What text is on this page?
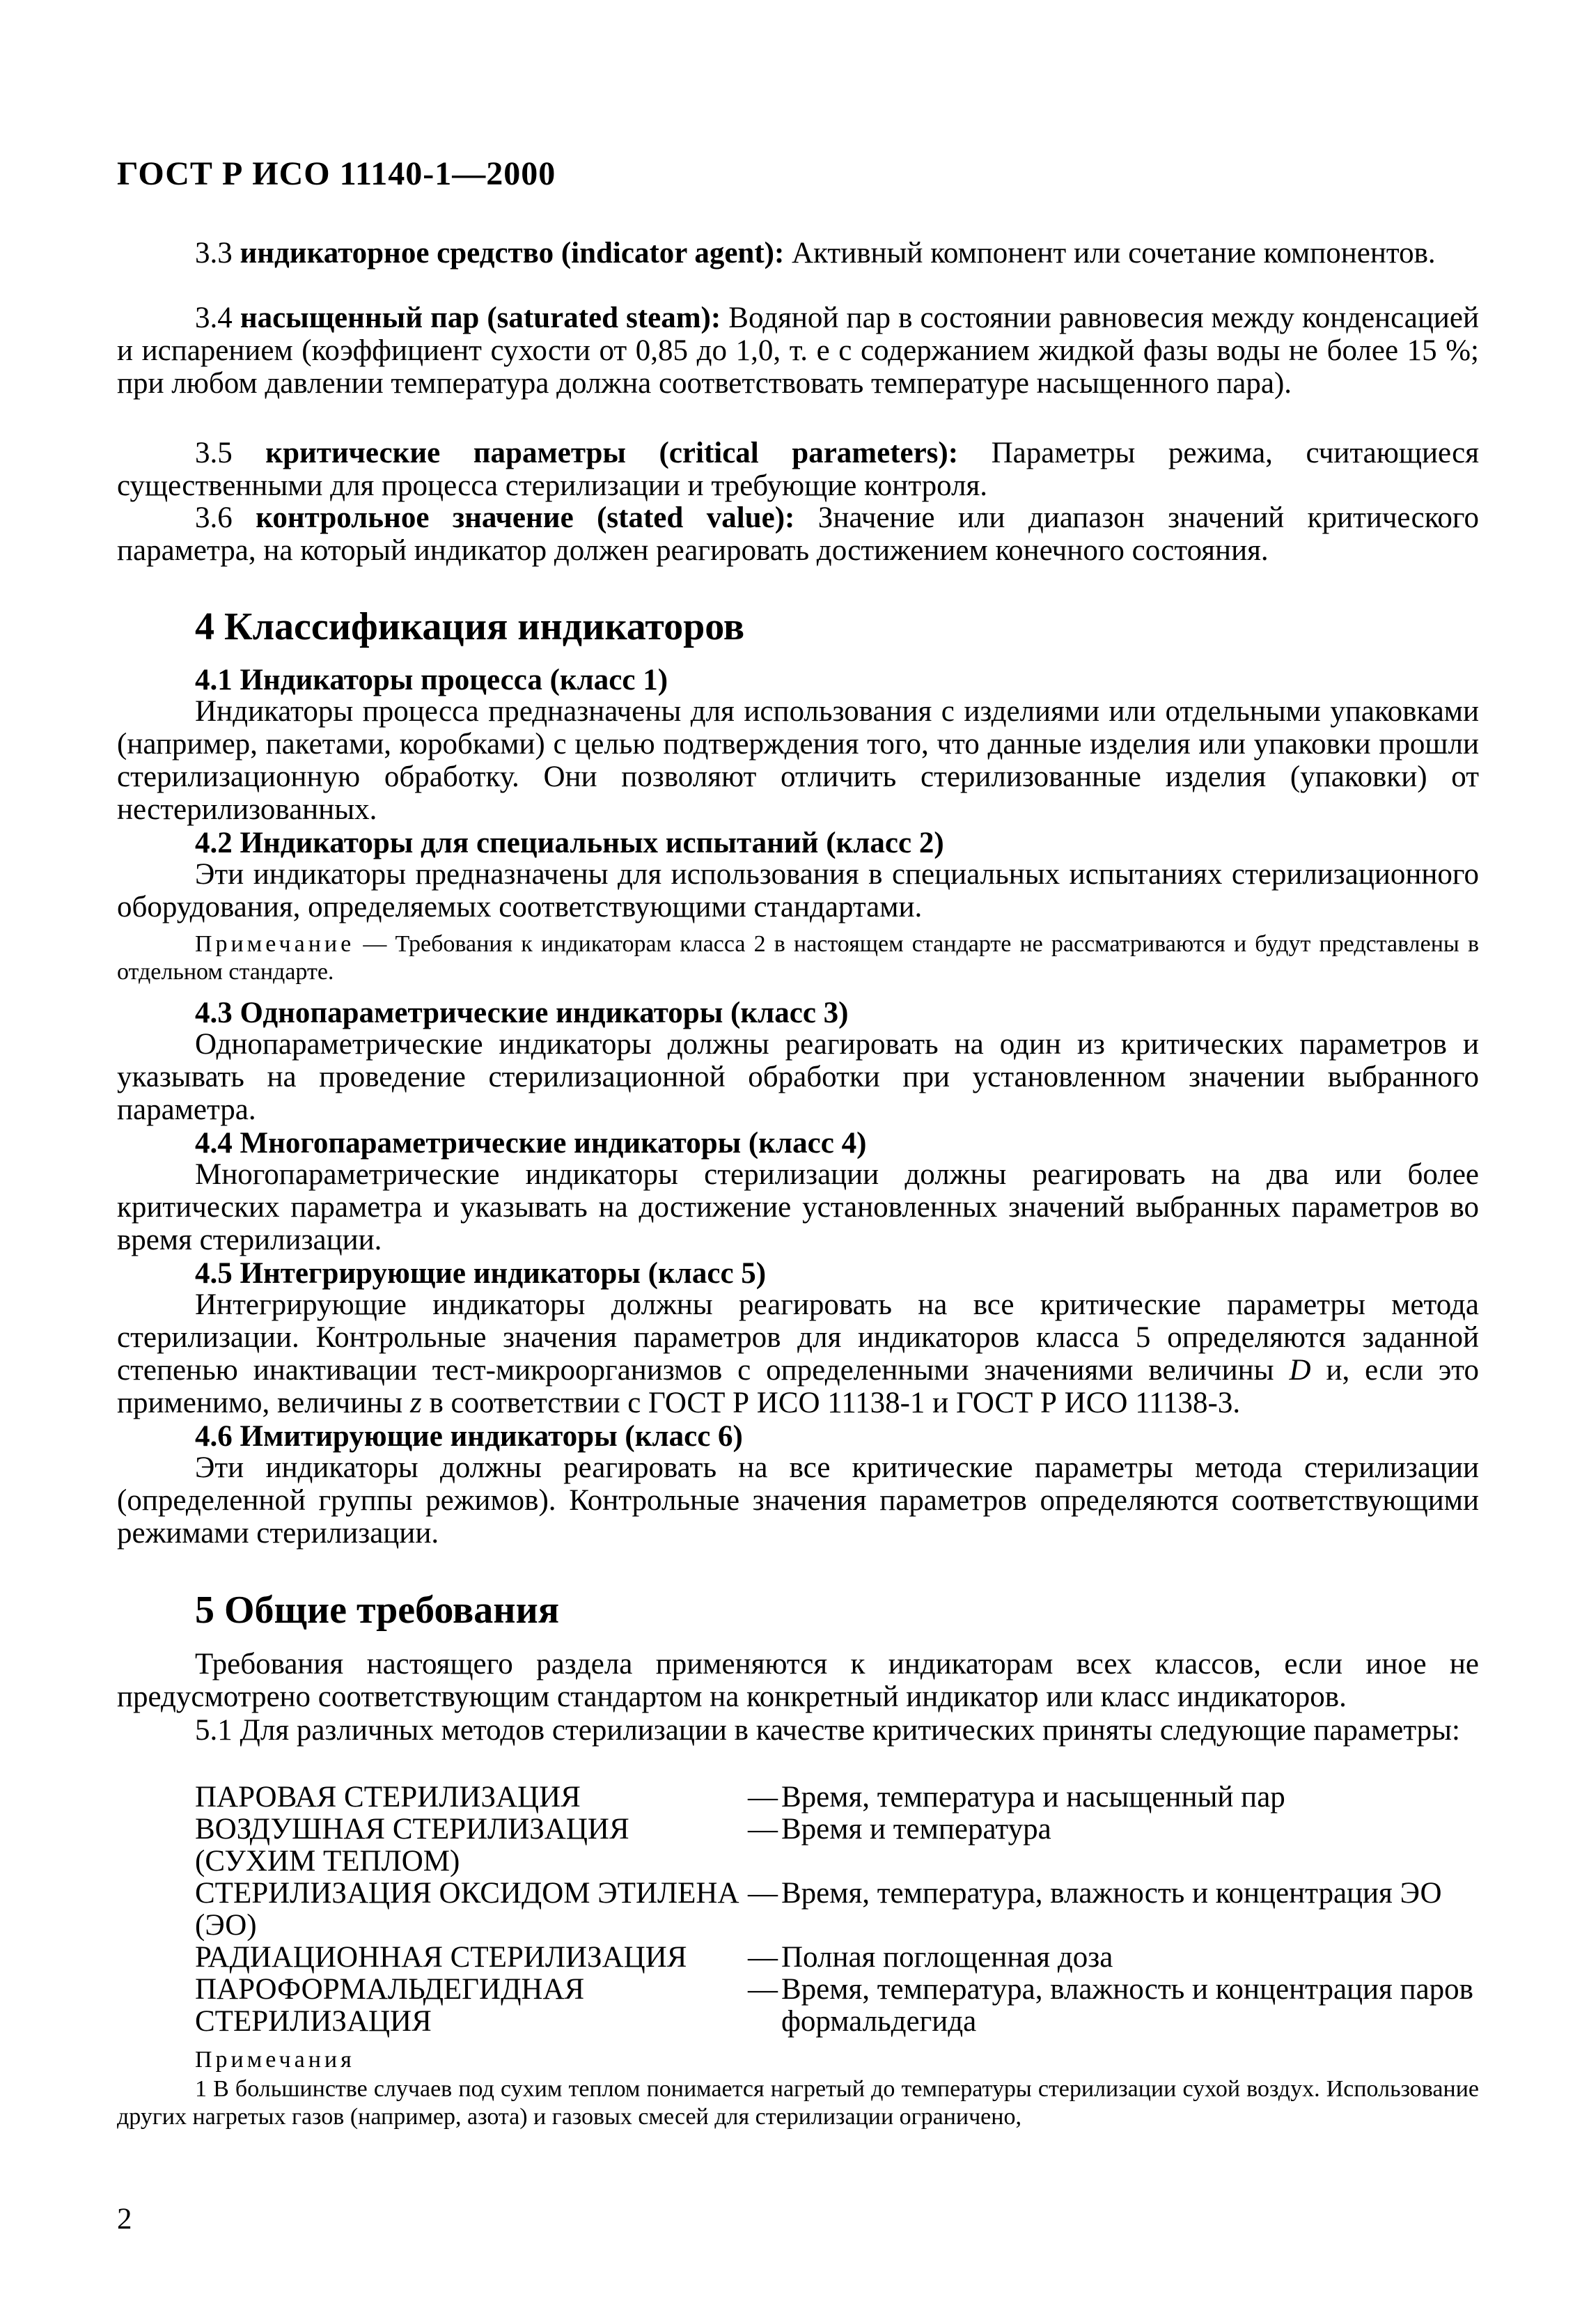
ГОСТ Р ИСО 11140-1—2000

3.3 индикаторное средство (indicator agent): Активный компонент или сочетание компонентов.

3.4 насыщенный пар (saturated steam): Водяной пар в состоянии равновесия между конденсацией и испарением (коэффициент сухости от 0,85 до 1,0, т. е с содержанием жидкой фазы воды не более 15 %; при любом давлении температура должна соответствовать температуре насыщенного пара).

3.5 критические параметры (critical parameters): Параметры режима, считающиеся существенными для процесса стерилизации и требующие контроля.

3.6 контрольное значение (stated value): Значение или диапазон значений критического параметра, на который индикатор должен реагировать достижением конечного состояния.

4 Классификация индикаторов
4.1 Индикаторы процесса (класс 1)

Индикаторы процесса предназначены для использования с изделиями или отдельными упаковками (например, пакетами, коробками) с целью подтверждения того, что данные изделия или упаковки прошли стерилизационную обработку. Они позволяют отличить стерилизованные изделия (упаковки) от нестерилизованных.

4.2 Индикаторы для специальных испытаний (класс 2)

Эти индикаторы предназначены для использования в специальных испытаниях стерилизационного оборудования, определяемых соответствующими стандартами.

Примечание — Требования к индикаторам класса 2 в настоящем стандарте не рассматриваются и будут представлены в отдельном стандарте.

4.3 Однопараметрические индикаторы (класс 3)

Однопараметрические индикаторы должны реагировать на один из критических параметров и указывать на проведение стерилизационной обработки при установленном значении выбранного параметра.

4.4 Многопараметрические индикаторы (класс 4)

Многопараметрические индикаторы стерилизации должны реагировать на два или более критических параметра и указывать на достижение установленных значений выбранных параметров во время стерилизации.

4.5 Интегрирующие индикаторы (класс 5)

Интегрирующие индикаторы должны реагировать на все критические параметры метода стерилизации. Контрольные значения параметров для индикаторов класса 5 определяются заданной степенью инактивации тест-микроорганизмов с определенными значениями величины D и, если это применимо, величины z в соответствии с ГОСТ Р ИСО 11138-1 и ГОСТ Р ИСО 11138-3.

4.6 Имитирующие индикаторы (класс 6)

Эти индикаторы должны реагировать на все критические параметры метода стерилизации (определенной группы режимов). Контрольные значения параметров определяются соответствующими режимами стерилизации.

5 Общие требования

Требования настоящего раздела применяются к индикаторам всех классов, если иное не предусмотрено соответствующим стандартом на конкретный индикатор или класс индикаторов.

5.1 Для различных методов стерилизации в качестве критических приняты следующие параметры:

ПАРОВАЯ СТЕРИЛИЗАЦИЯ	— Время, температура и насыщенный пар
ВОЗДУШНАЯ СТЕРИЛИЗАЦИЯ (СУХИМ ТЕПЛОМ)
— Время и температура
СТЕРИЛИЗАЦИЯ ОКСИДОМ ЭТИЛЕНА (ЭО)
— Время, температура, влажность и концентрация ЭО
РАДИАЦИОННАЯ СТЕРИЛИЗАЦИЯ	— Полная поглощенная доза
ПАРОФОРМАЛЬДЕГИДНАЯ СТЕРИЛИЗАЦИЯ
— Время, температура, влажность и концентрация паров формальдегида

Примечания

1 В большинстве случаев под сухим теплом понимается нагретый до температуры стерилизации сухой воздух. Использование других нагретых газов (например, азота) и газовых смесей для стерилизации ограничено,

2
